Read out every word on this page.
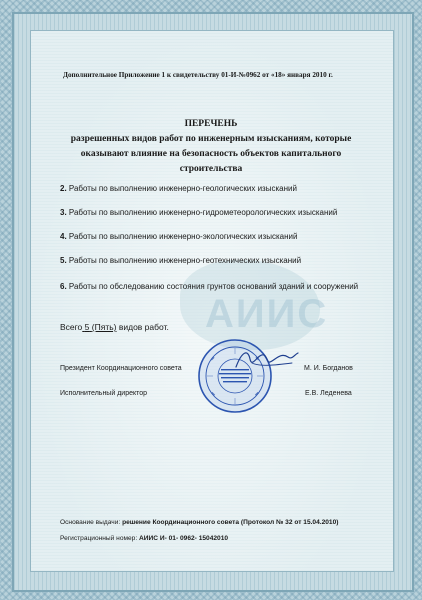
АИИС
Дополнительное Приложение 1 к свидетельству 01-И-№0962 от «18» января 2010 г.
ПЕРЕЧЕНЬ
разрешенных видов работ по инженерным изысканиям, которые
оказывают влияние на безопасность объектов капитального
строительства
2. Работы по выполнению инженерно-геологических изысканий
3. Работы по выполнению инженерно-гидрометеорологических изысканий
4. Работы по выполнению инженерно-экологических изысканий
5. Работы по выполнению инженерно-геотехнических изысканий
6. Работы по обследованию состояния грунтов оснований зданий и сооружений
Всего 5 (Пять) видов работ.
Президент Координационного совета	М. И. Богданов
Исполнительный директор	Е.В. Леденева
Основание выдачи: решение Координационного совета (Протокол № 32 от 15.04.2010)
Регистрационный номер: АИИС И- 01- 0962- 15042010
